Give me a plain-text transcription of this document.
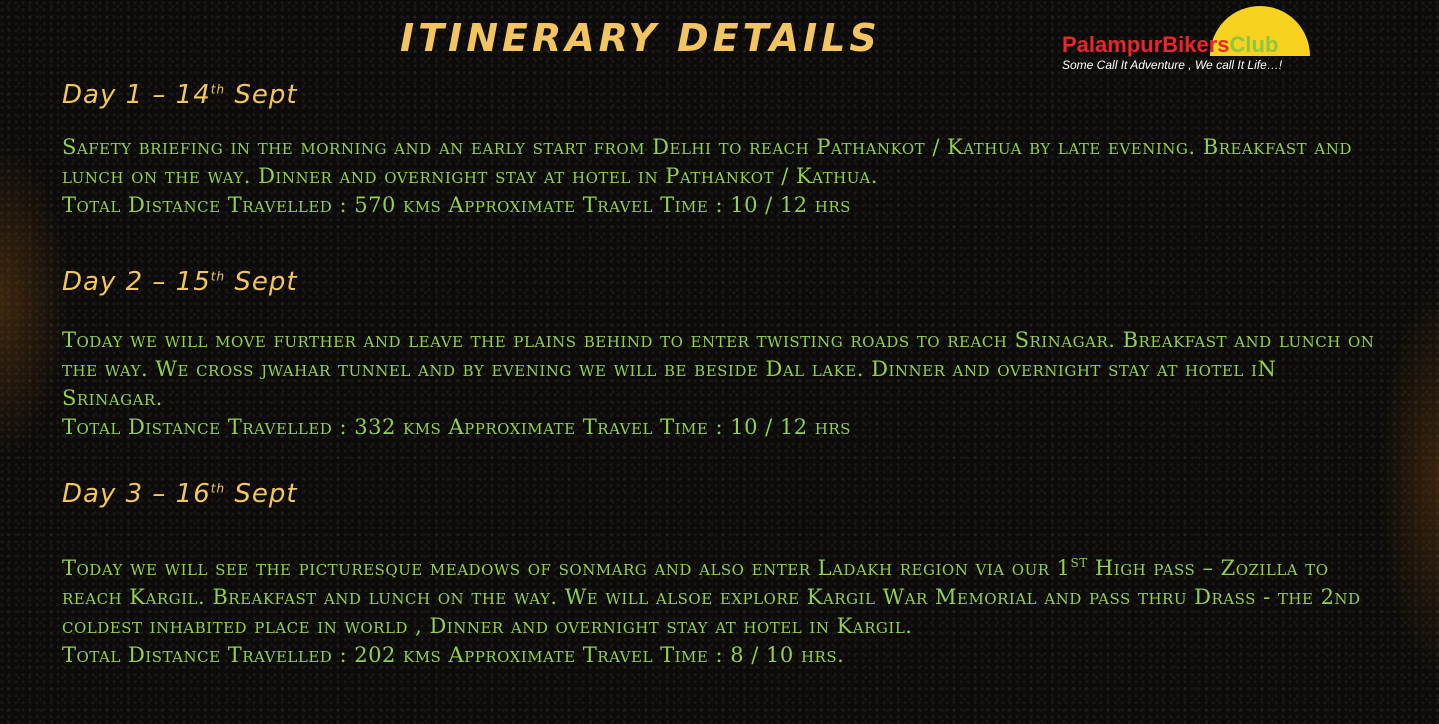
ITINERARY DETAILS	PalampurBikersClub
Some Call It Adventure , We call It Life…!
Day 1 – 14th Sept

Safety briefing in the morning and an early start from Delhi to reach Pathankot / Kathua by late evening. Breakfast and lunch on the way. Dinner and overnight stay at hotel in Pathankot / Kathua.

Total Distance Travelled : 570 kms Approximate Travel Time : 10 / 12 hrs

Day 2 – 15th Sept

Today we will move further and leave the plains behind to enter twisting roads to reach Srinagar. Breakfast and lunch on the way. We cross jwahar tunnel and by evening we will be beside Dal lake. Dinner and overnight stay at hotel iN Srinagar.

Total Distance Travelled : 332 kms Approximate Travel Time : 10 / 12 hrs

Day 3 – 16th Sept

Today we will see the picturesque meadows of sonmarg and also enter Ladakh region via our 1st High pass – Zozilla to reach Kargil. Breakfast and lunch on the way. We will alsoe explore Kargil War Memorial and pass thru Drass - the 2nd coldest inhabited place in world , Dinner and overnight stay at hotel in Kargil.

Total Distance Travelled : 202 kms Approximate Travel Time : 8 / 10 hrs.
